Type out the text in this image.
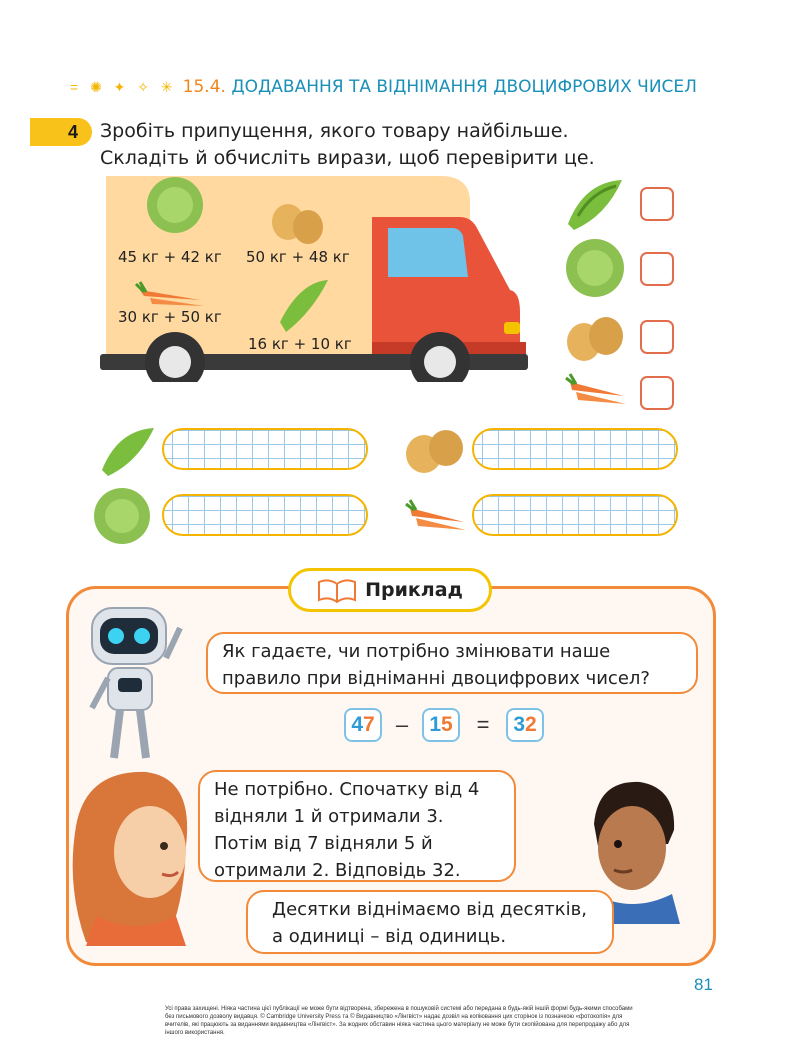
= ✺ ✦ ✧ ✳ 15.4. ДОДАВАННЯ ТА ВІДНІМАННЯ ДВОЦИФРОВИХ ЧИСЕЛ
4	Зробіть припущення, якого товару найбільше.
Складіть й обчисліть вирази, щоб перевірити це.
45 кг + 42 кг 50 кг + 48 кг
30 кг + 50 кг
16 кг + 10 кг
Приклад
Як гадаєте, чи потрібно змінювати наше правило при відніманні двоцифрових чисел?
4 7 –	1 5	=	3 2
Не потрібно. Спочатку від 4
відняли 1 й отримали 3.
Потім від 7 відняли 5 й
отримали 2. Відповідь 32.
Десятки віднімаємо від десятків,
а одиниці – від одиниць.
81
Усі права захищені. Ніяка частина цієї публікації не може бути відтворена, збережена в пошуковій системі або передана в будь-якій іншій формі будь-якими способами без письмового дозволу видавця. © Cambridge University Press та © Видавництво «Лінгвіст» надає дозвіл на копіювання цих сторінок із позначкою «фотокопія» для вчителів, які працюють за виданнями видавництва «Лінгвіст». За жодних обставин ніяка частина цього матеріалу не може бути скопійована для перепродажу або для іншого використання.
